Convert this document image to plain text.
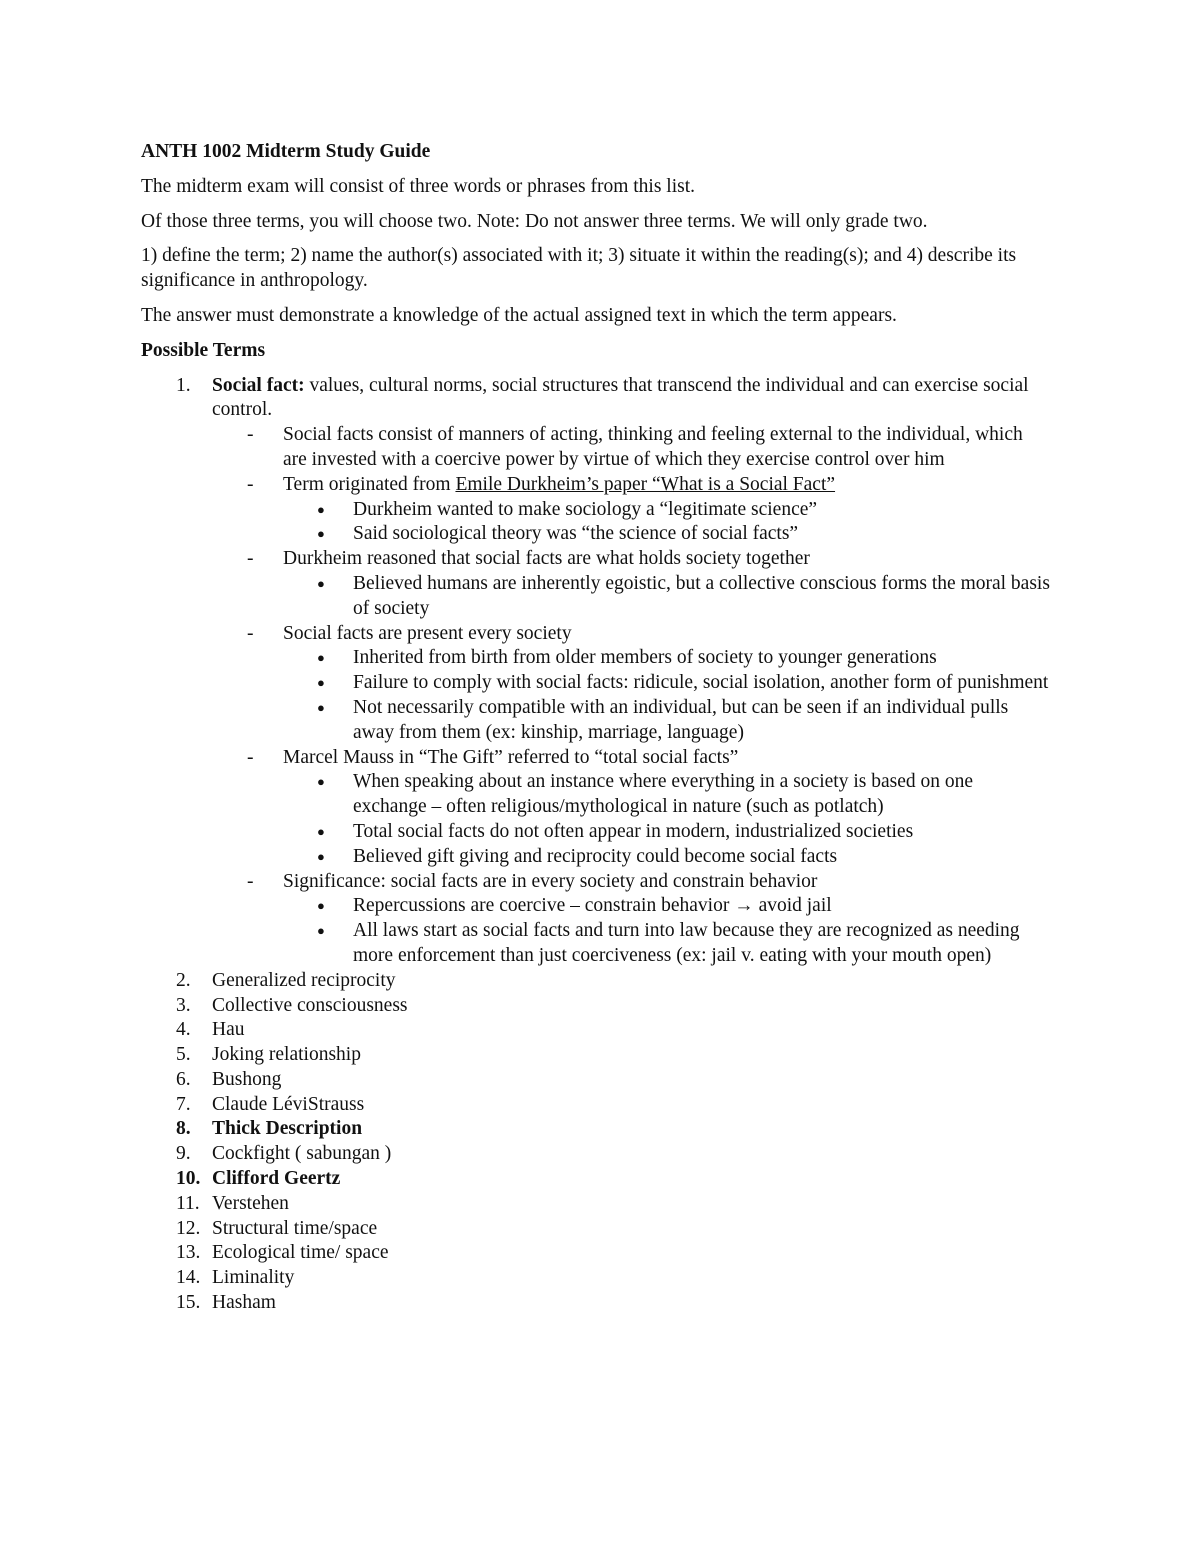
ANTH 1002 Midterm Study Guide
The midterm exam will consist of three words or phrases from this list.
Of those three terms, you will choose two. Note: Do not answer three terms. We will only grade two.
1) define the term; 2) name the author(s) associated with it; 3) situate it within the reading(s); and 4) describe its significance in anthropology.
The answer must demonstrate a knowledge of the actual assigned text in which the term appears.
Possible Terms
1. Social fact: values, cultural norms, social structures that transcend the individual and can exercise social control.
- Social facts consist of manners of acting, thinking and feeling external to the individual, which are invested with a coercive power by virtue of which they exercise control over him
- Term originated from Emile Durkheim’s paper “What is a Social Fact”
● Durkheim wanted to make sociology a “legitimate science”
● Said sociological theory was “the science of social facts”
- Durkheim reasoned that social facts are what holds society together
● Believed humans are inherently egoistic, but a collective conscious forms the moral basis of society
- Social facts are present every society
● Inherited from birth from older members of society to younger generations
● Failure to comply with social facts: ridicule, social isolation, another form of punishment
● Not necessarily compatible with an individual, but can be seen if an individual pulls away from them (ex: kinship, marriage, language)
- Marcel Mauss in “The Gift” referred to “total social facts”
● When speaking about an instance where everything in a society is based on one exchange – often religious/mythological in nature (such as potlatch)
● Total social facts do not often appear in modern, industrialized societies
● Believed gift giving and reciprocity could become social facts
- Significance: social facts are in every society and constrain behavior
● Repercussions are coercive – constrain behavior → avoid jail
● All laws start as social facts and turn into law because they are recognized as needing more enforcement than just coerciveness (ex: jail v. eating with your mouth open)
2. Generalized reciprocity
3. Collective consciousness
4. Hau
5. Joking relationship
6. Bushong
7. Claude LéviStrauss
8. Thick Description
9. Cockfight ( sabungan )
10. Clifford Geertz
11. Verstehen
12. Structural time/space
13. Ecological time/ space
14. Liminality
15. Hasham
